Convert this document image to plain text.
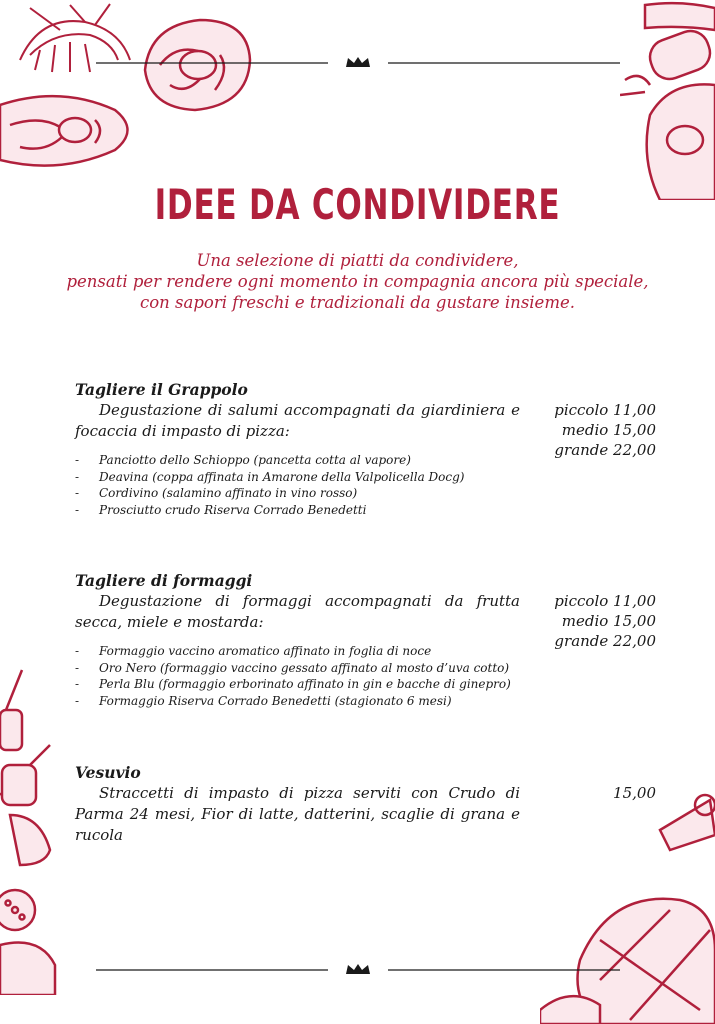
IDEE DA CONDIVIDERE
Una selezione di piatti da condividere,
pensati per rendere ogni momento in compagnia ancora più speciale,
con sapori freschi e tradizionali da gustare insieme.
Tagliere il Grappolo
Degustazione di salumi accompagnati da giardiniera e focaccia di impasto di pizza:
piccolo 11,00
medio 15,00
grande 22,00
- Panciotto dello Schioppo (pancetta cotta al vapore)
- Deavina (coppa affinata in Amarone della Valpolicella Docg)
- Cordivino (salamino affinato in vino rosso)
- Prosciutto crudo Riserva Corrado Benedetti
Tagliere di formaggi
Degustazione di formaggi accompagnati da frutta secca, miele e mostarda:
piccolo 11,00
medio 15,00
grande 22,00
- Formaggio vaccino aromatico affinato in foglia di noce
- Oro Nero (formaggio vaccino gessato affinato al mosto d’uva cotto)
- Perla Blu (formaggio erborinato affinato in gin e bacche di ginepro)
- Formaggio Riserva Corrado Benedetti (stagionato 6 mesi)
Vesuvio
Straccetti di impasto di pizza serviti con Crudo di Parma 24 mesi, Fior di latte, datterini, scaglie di grana e rucola
15,00
